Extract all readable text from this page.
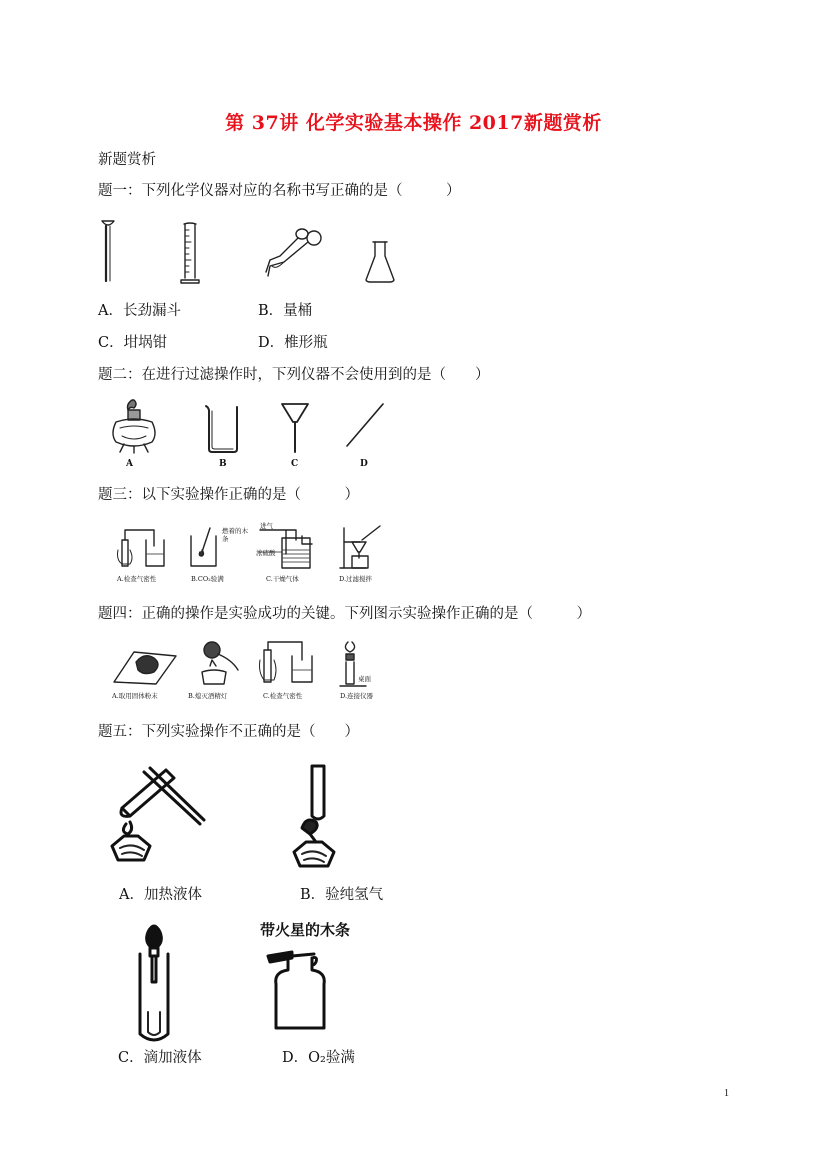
第 37讲 化学实验基本操作 2017新题赏析
新题赏析
题一：下列化学仪器对应的名称书写正确的是（　　　）
A．长劲漏斗	B．量桶
C．坩埚钳	D．椎形瓶
题二：在进行过滤操作时，下列仪器不会使用到的是（　　）
A	B	C	D
题三：以下实验操作正确的是（　　　）
燃着的木条
进气
浓硫酸
A.检查气密性	B.CO₂验满	C.干燥气体	D.过滤搅拌
题四：正确的操作是实验成功的关键。下列图示实验操作正确的是（　　　）
桌面
A.取用固体粉末	B.熄灭酒精灯	C.检查气密性	D.连接仪器
题五：下列实验操作不正确的是（　　）
A．加热液体	B．验纯氢气
带火星的木条
C．滴加液体	D．O₂验满
1
